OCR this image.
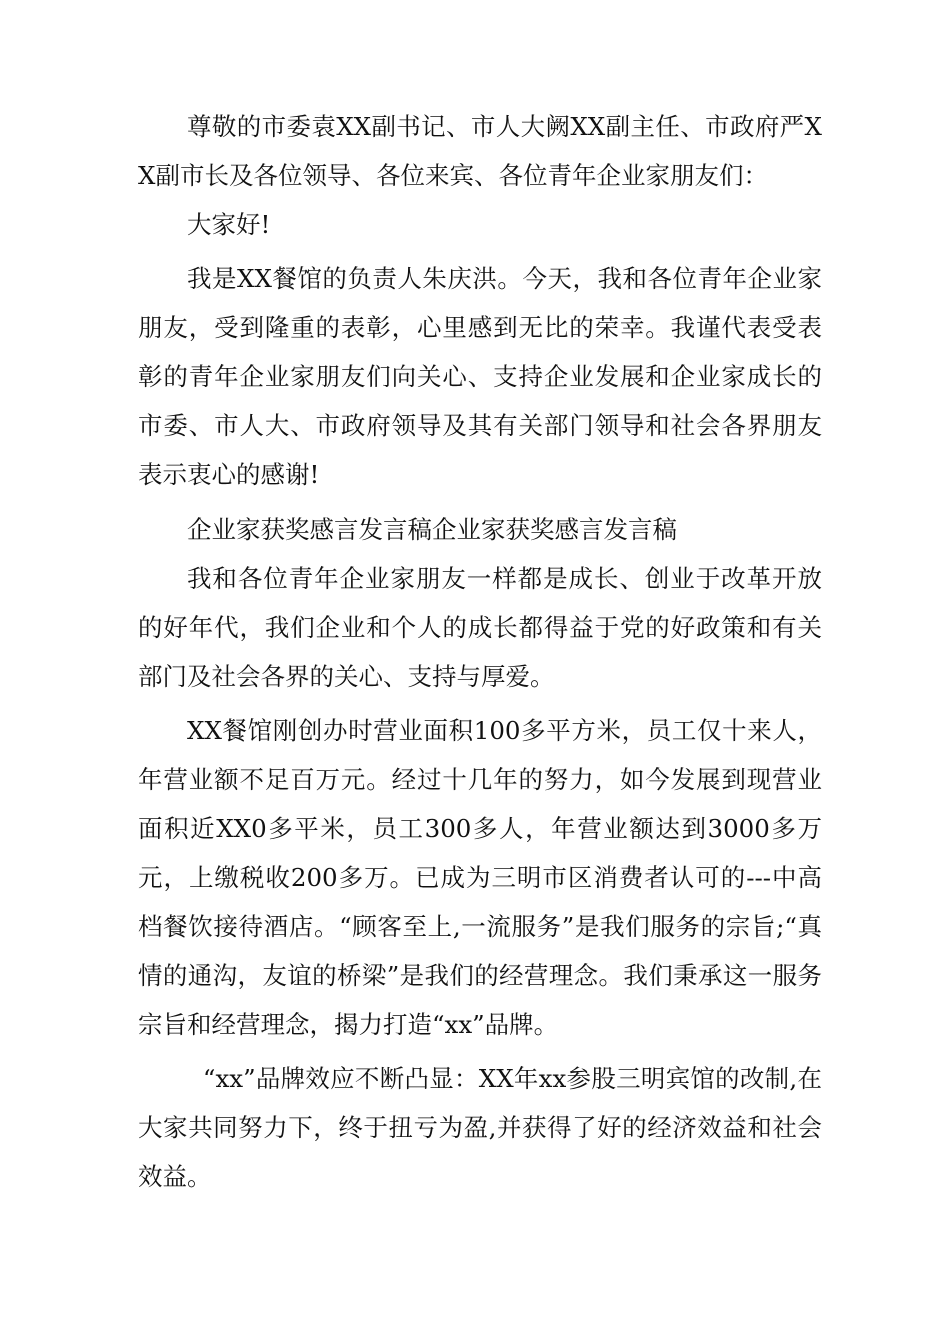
尊敬的市委袁XX副书记、市人大阙XX副主任、市政府严XX副市长及各位领导、各位来宾、各位青年企业家朋友们：

大家好!

我是XX餐馆的负责人朱庆洪。今天，我和各位青年企业家朋友，受到隆重的表彰，心里感到无比的荣幸。我谨代表受表彰的青年企业家朋友们向关心、支持企业发展和企业家成长的市委、市人大、市政府领导及其有关部门领导和社会各界朋友表示衷心的感谢!

企业家获奖感言发言稿企业家获奖感言发言稿

我和各位青年企业家朋友一样都是成长、创业于改革开放的好年代，我们企业和个人的成长都得益于党的好政策和有关部门及社会各界的关心、支持与厚爱。

XX餐馆刚创办时营业面积100多平方米，员工仅十来人，年营业额不足百万元。经过十几年的努力，如今发展到现营业面积近XX0多平米，员工300多人，年营业额达到3000多万元，上缴税收200多万。已成为三明市区消费者认可的---中高档餐饮接待酒店。“顾客至上,一流服务”是我们服务的宗旨;“真情的通沟，友谊的桥梁”是我们的经营理念。我们秉承这一服务宗旨和经营理念，揭力打造“xx”品牌。

“xx”品牌效应不断凸显：XX年xx参股三明宾馆的改制,在大家共同努力下，终于扭亏为盈,并获得了好的经济效益和社会效益。
